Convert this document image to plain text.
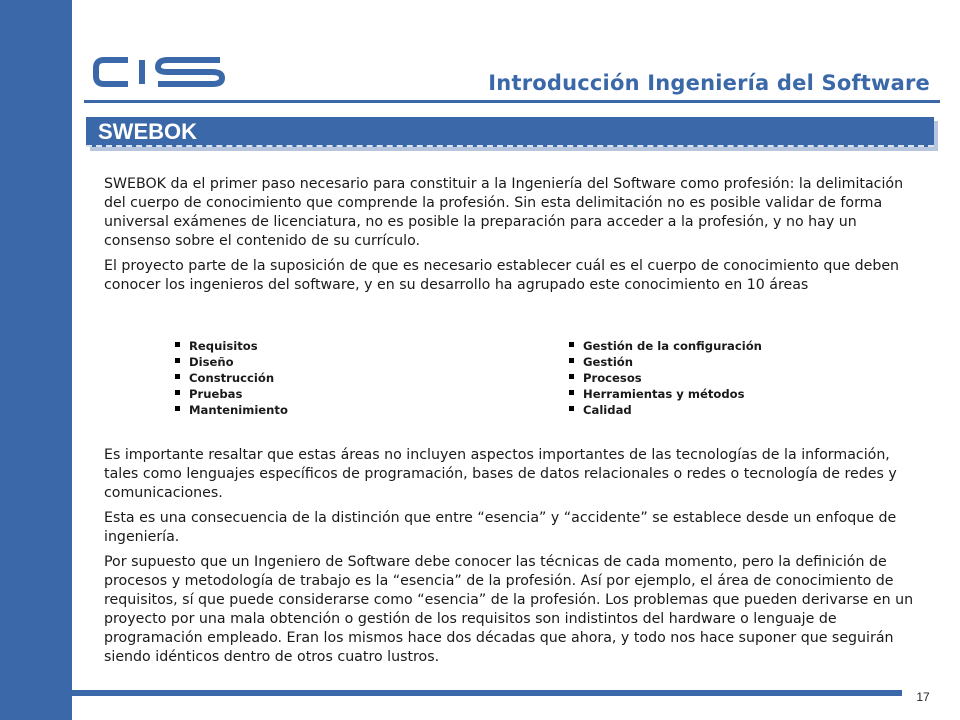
Introducción Ingeniería del Software
SWEBOK

SWEBOK da el primer paso necesario para constituir a la Ingeniería del Software como profesión: la delimitación del cuerpo de conocimiento que comprende la profesión. Sin esta delimitación no es posible validar de forma universal exámenes de licenciatura, no es posible la preparación para acceder a la profesión, y no hay un consenso sobre el contenido de su currículo.

El proyecto parte de la suposición de que es necesario establecer cuál es el cuerpo de conocimiento que deben conocer los ingenieros del software, y en su desarrollo ha agrupado este conocimiento en 10 áreas

Requisitos
Diseño
Construcción
Pruebas
Mantenimiento
Gestión de la configuración
Gestión
Procesos
Herramientas y métodos
Calidad

Es importante resaltar que estas áreas no incluyen aspectos importantes de las tecnologías de la información, tales como lenguajes específicos de programación, bases de datos relacionales o redes o tecnología de redes y comunicaciones.

Esta es una consecuencia de la distinción que entre “esencia” y “accidente” se establece desde un enfoque de ingeniería.

Por supuesto que un Ingeniero de Software debe conocer las técnicas de cada momento, pero la definición de procesos y metodología de trabajo es la “esencia” de la profesión. Así por ejemplo, el área de conocimiento de requisitos, sí que puede considerarse como “esencia” de la profesión. Los problemas que pueden derivarse en un proyecto por una mala obtención o gestión de los requisitos son indistintos del hardware o lenguaje de programación empleado. Eran los mismos hace dos décadas que ahora, y todo nos hace suponer que seguirán siendo idénticos dentro de otros cuatro lustros.

17
